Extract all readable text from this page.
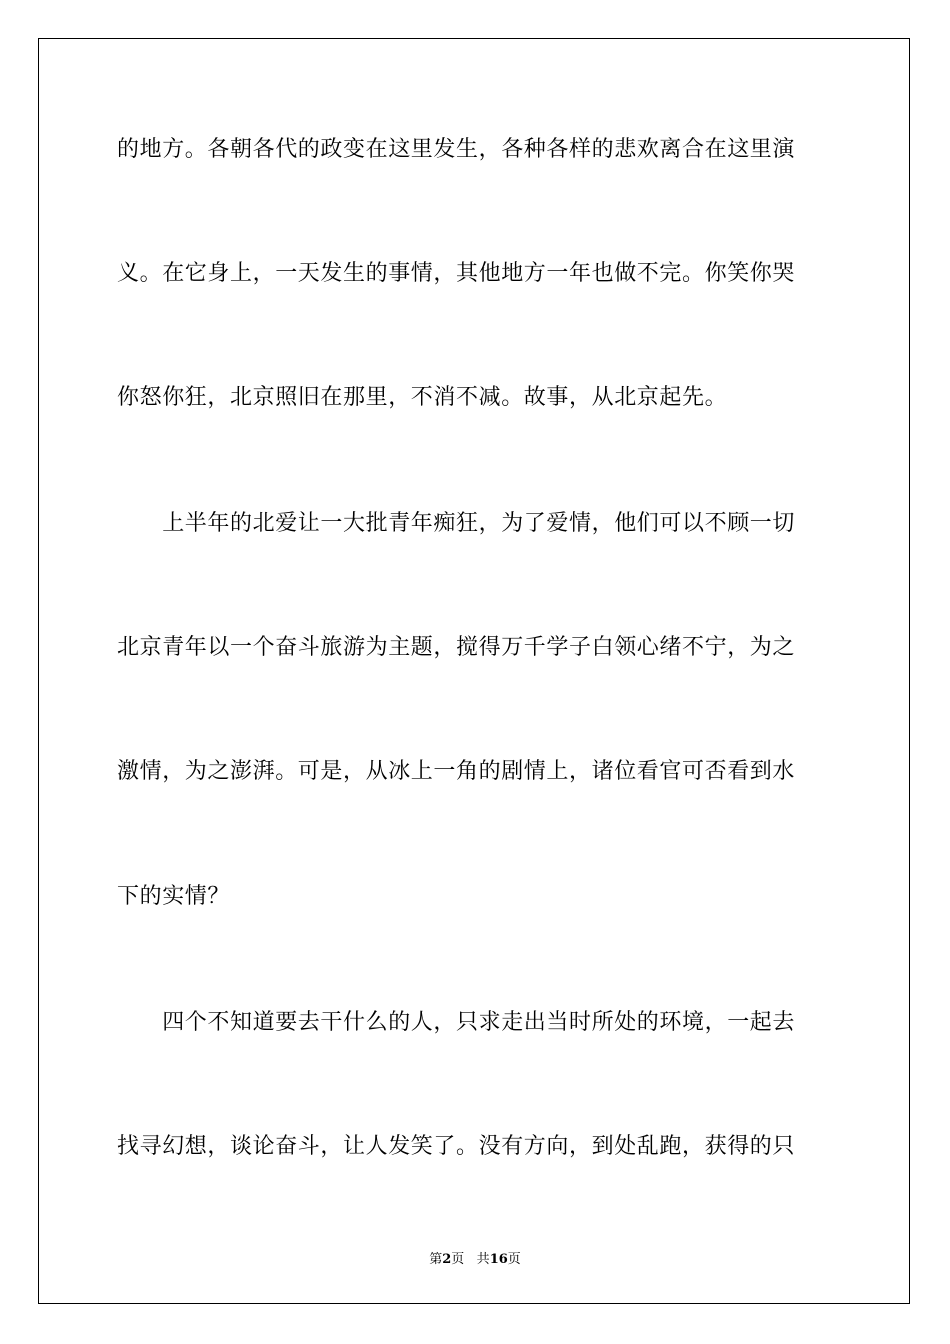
的地方。各朝各代的政变在这里发生，各种各样的悲欢离合在这里演
义。在它身上，一天发生的事情，其他地方一年也做不完。你笑你哭
你怒你狂，北京照旧在那里，不消不减。故事，从北京起先。
　　上半年的北爱让一大批青年痴狂，为了爱情，他们可以不顾一切
北京青年以一个奋斗旅游为主题，搅得万千学子白领心绪不宁，为之
激情，为之澎湃。可是，从冰上一角的剧情上，诸位看官可否看到水
下的实情？
　　四个不知道要去干什么的人，只求走出当时所处的环境，一起去
找寻幻想，谈论奋斗，让人发笑了。没有方向，到处乱跑，获得的只
第2页 共16页
